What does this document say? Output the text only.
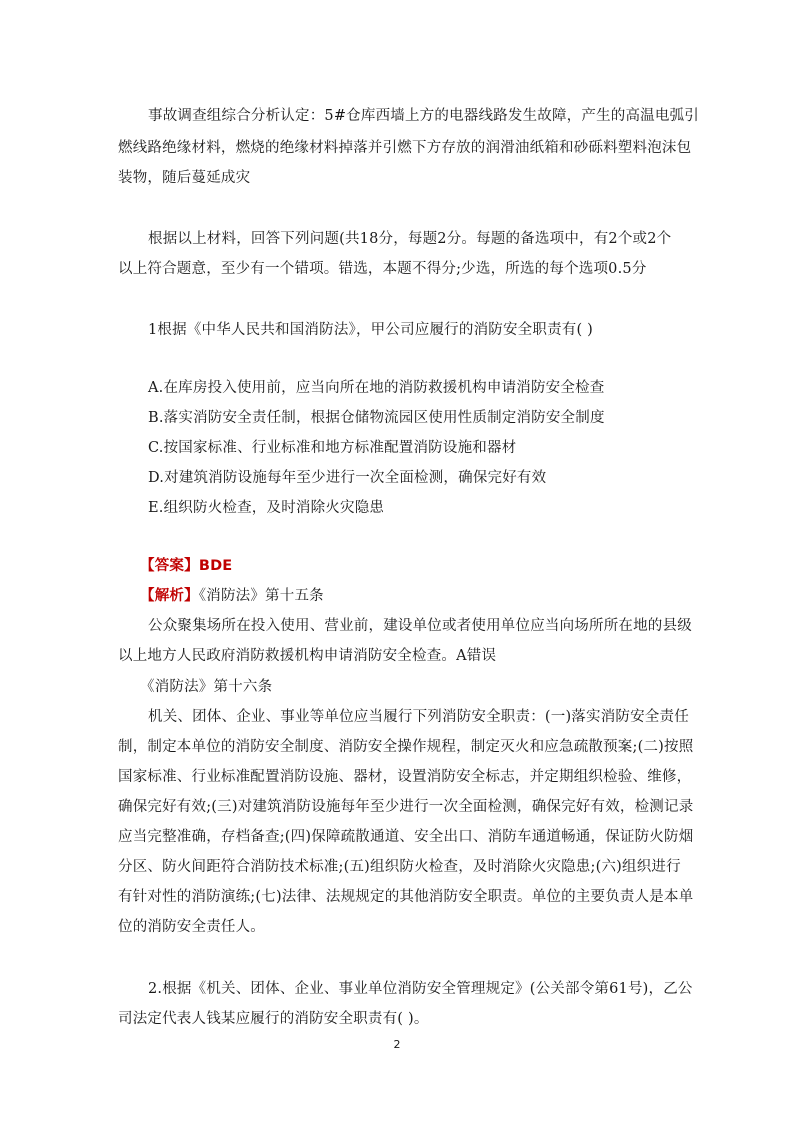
事故调查组综合分析认定：5#仓库西墙上方的电器线路发生故障，产生的高温电弧引
燃线路绝缘材料，燃烧的绝缘材料掉落并引燃下方存放的润滑油纸箱和砂砾料塑料泡沫包
装物，随后蔓延成灾
根据以上材料，回答下列问题(共18分，每题2分。每题的备选项中，有2个或2个
以上符合题意，至少有一个错项。错选，本题不得分;少选，所选的每个选项0.5分
1根据《中华人民共和国消防法》，甲公司应履行的消防安全职责有( )
A.在库房投入使用前，应当向所在地的消防救援机构申请消防安全检查
B.落实消防安全责任制，根据仓储物流园区使用性质制定消防安全制度
C.按国家标准、行业标准和地方标准配置消防设施和器材
D.对建筑消防设施每年至少进行一次全面检测，确保完好有效
E.组织防火检查，及时消除火灾隐患
【答案】BDE
【解析】《消防法》第十五条
公众聚集场所在投入使用、营业前，建设单位或者使用单位应当向场所所在地的县级
以上地方人民政府消防救援机构申请消防安全检查。A错误
《消防法》第十六条
机关、团体、企业、事业等单位应当履行下列消防安全职责：(一)落实消防安全责任
制，制定本单位的消防安全制度、消防安全操作规程，制定灭火和应急疏散预案;(二)按照
国家标准、行业标准配置消防设施、器材，设置消防安全标志，并定期组织检验、维修，
确保完好有效;(三)对建筑消防设施每年至少进行一次全面检测，确保完好有效，检测记录
应当完整准确，存档备查;(四)保障疏散通道、安全出口、消防车通道畅通，保证防火防烟
分区、防火间距符合消防技术标准;(五)组织防火检查，及时消除火灾隐患;(六)组织进行
有针对性的消防演练;(七)法律、法规规定的其他消防安全职责。单位的主要负责人是本单
位的消防安全责任人。
2.根据《机关、团体、企业、事业单位消防安全管理规定》(公关部令第61号)，乙公
司法定代表人钱某应履行的消防安全职责有( )。
2
